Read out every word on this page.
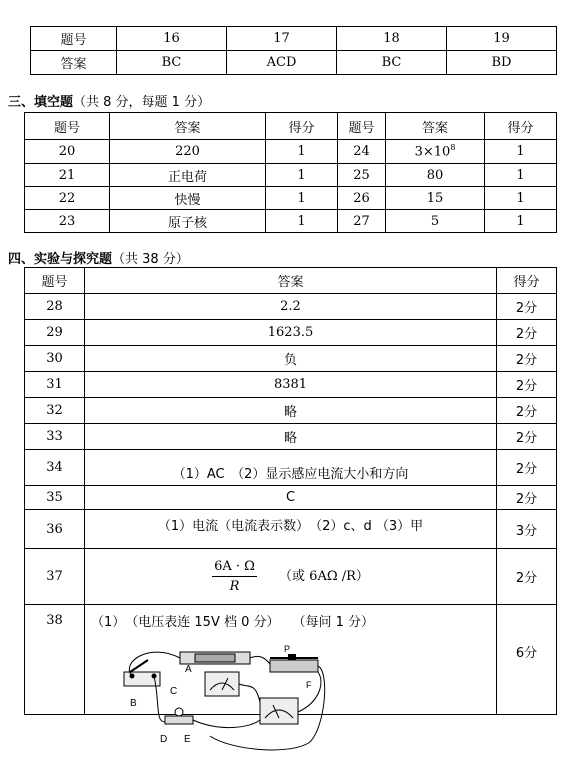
题号	16	17	18	19
答案	BC	ACD	BC	BD
三、填空题（共 8 分，每题 1 分）
题号	答案	得分	题号	答案	得分
20	220	1	24	$3\times 10^8$	1
21	正电荷	1	25	80	1
22	快慢	1	26	15	1
23	原子核	1	27	5	1
四、实验与探究题（共 38 分）
题号	答案	得分
28	2.2	2分
29	1623.5	2分
30	负	2分
31	8381	2分
32	略	2分
33	略	2分
34	（1）AC　（2）显示感应电流大小和方向	2分
35	C	2分
36	（1）电流（电流表示数）　（2）c、d （3）甲	3分
37	$\frac{6A \cdot \Omega}{R}$ （或 6AΩ /R）	2分
38	（1）　（电压表连 15V 档 0 分）　　（每问 1 分）	6分
A
B
C
D E
F
P
